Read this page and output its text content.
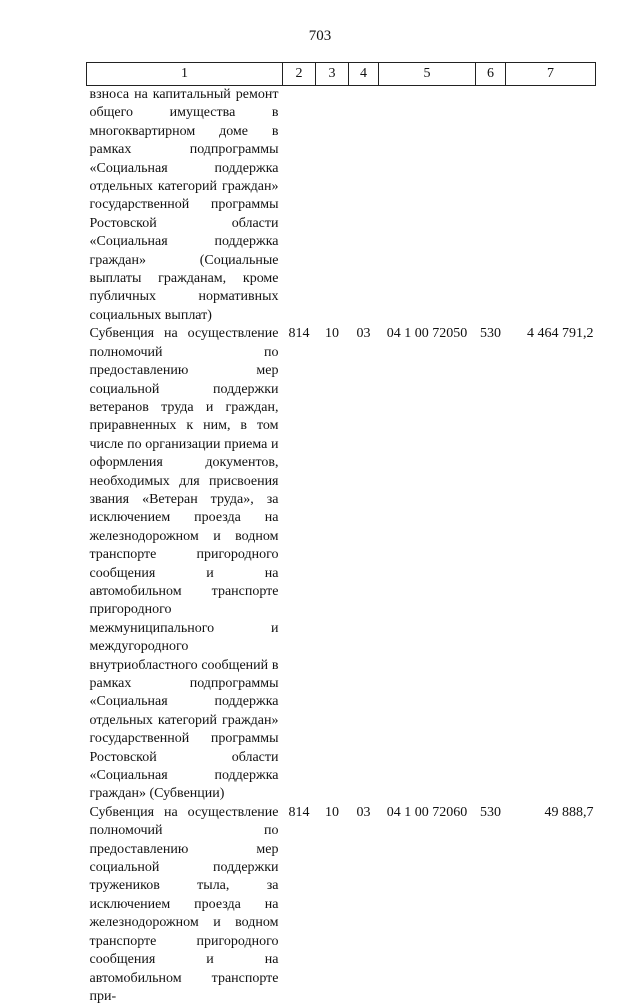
703
1	2	3	4	5	6	7
взноса на капитальный ремонт общего имущества в многоквартирном доме в рамках подпрограммы «Социальная поддержка отдельных категорий граждан» государственной программы Ростовской области «Социальная поддержка граждан» (Социальные выплаты гражданам, кроме публичных нормативных социальных выплат)						
Субвенция на осуществление полномочий по предоставлению мер социальной поддержки ветеранов труда и граждан, приравненных к ним, в том числе по организации приема и оформления документов, необходимых для присвоения звания «Ветеран труда», за исключением проезда на железнодорожном и водном транспорте пригородного сообщения и на автомобильном транспорте пригородного межмуниципального и междугородного внутриобластного сообщений в рамках подпрограммы «Социальная поддержка отдельных категорий граждан» государственной программы Ростовской области «Социальная поддержка граждан» (Субвенции)	814	10	03	04 1 00 72050	530	4 464 791,2
Субвенция на осуществление полномочий по предоставлению мер социальной поддержки тружеников тыла, за исключением проезда на железнодорожном и водном транспорте пригородного сообщения и на автомобильном транспорте при-	814	10	03	04 1 00 72060	530	49 888,7
